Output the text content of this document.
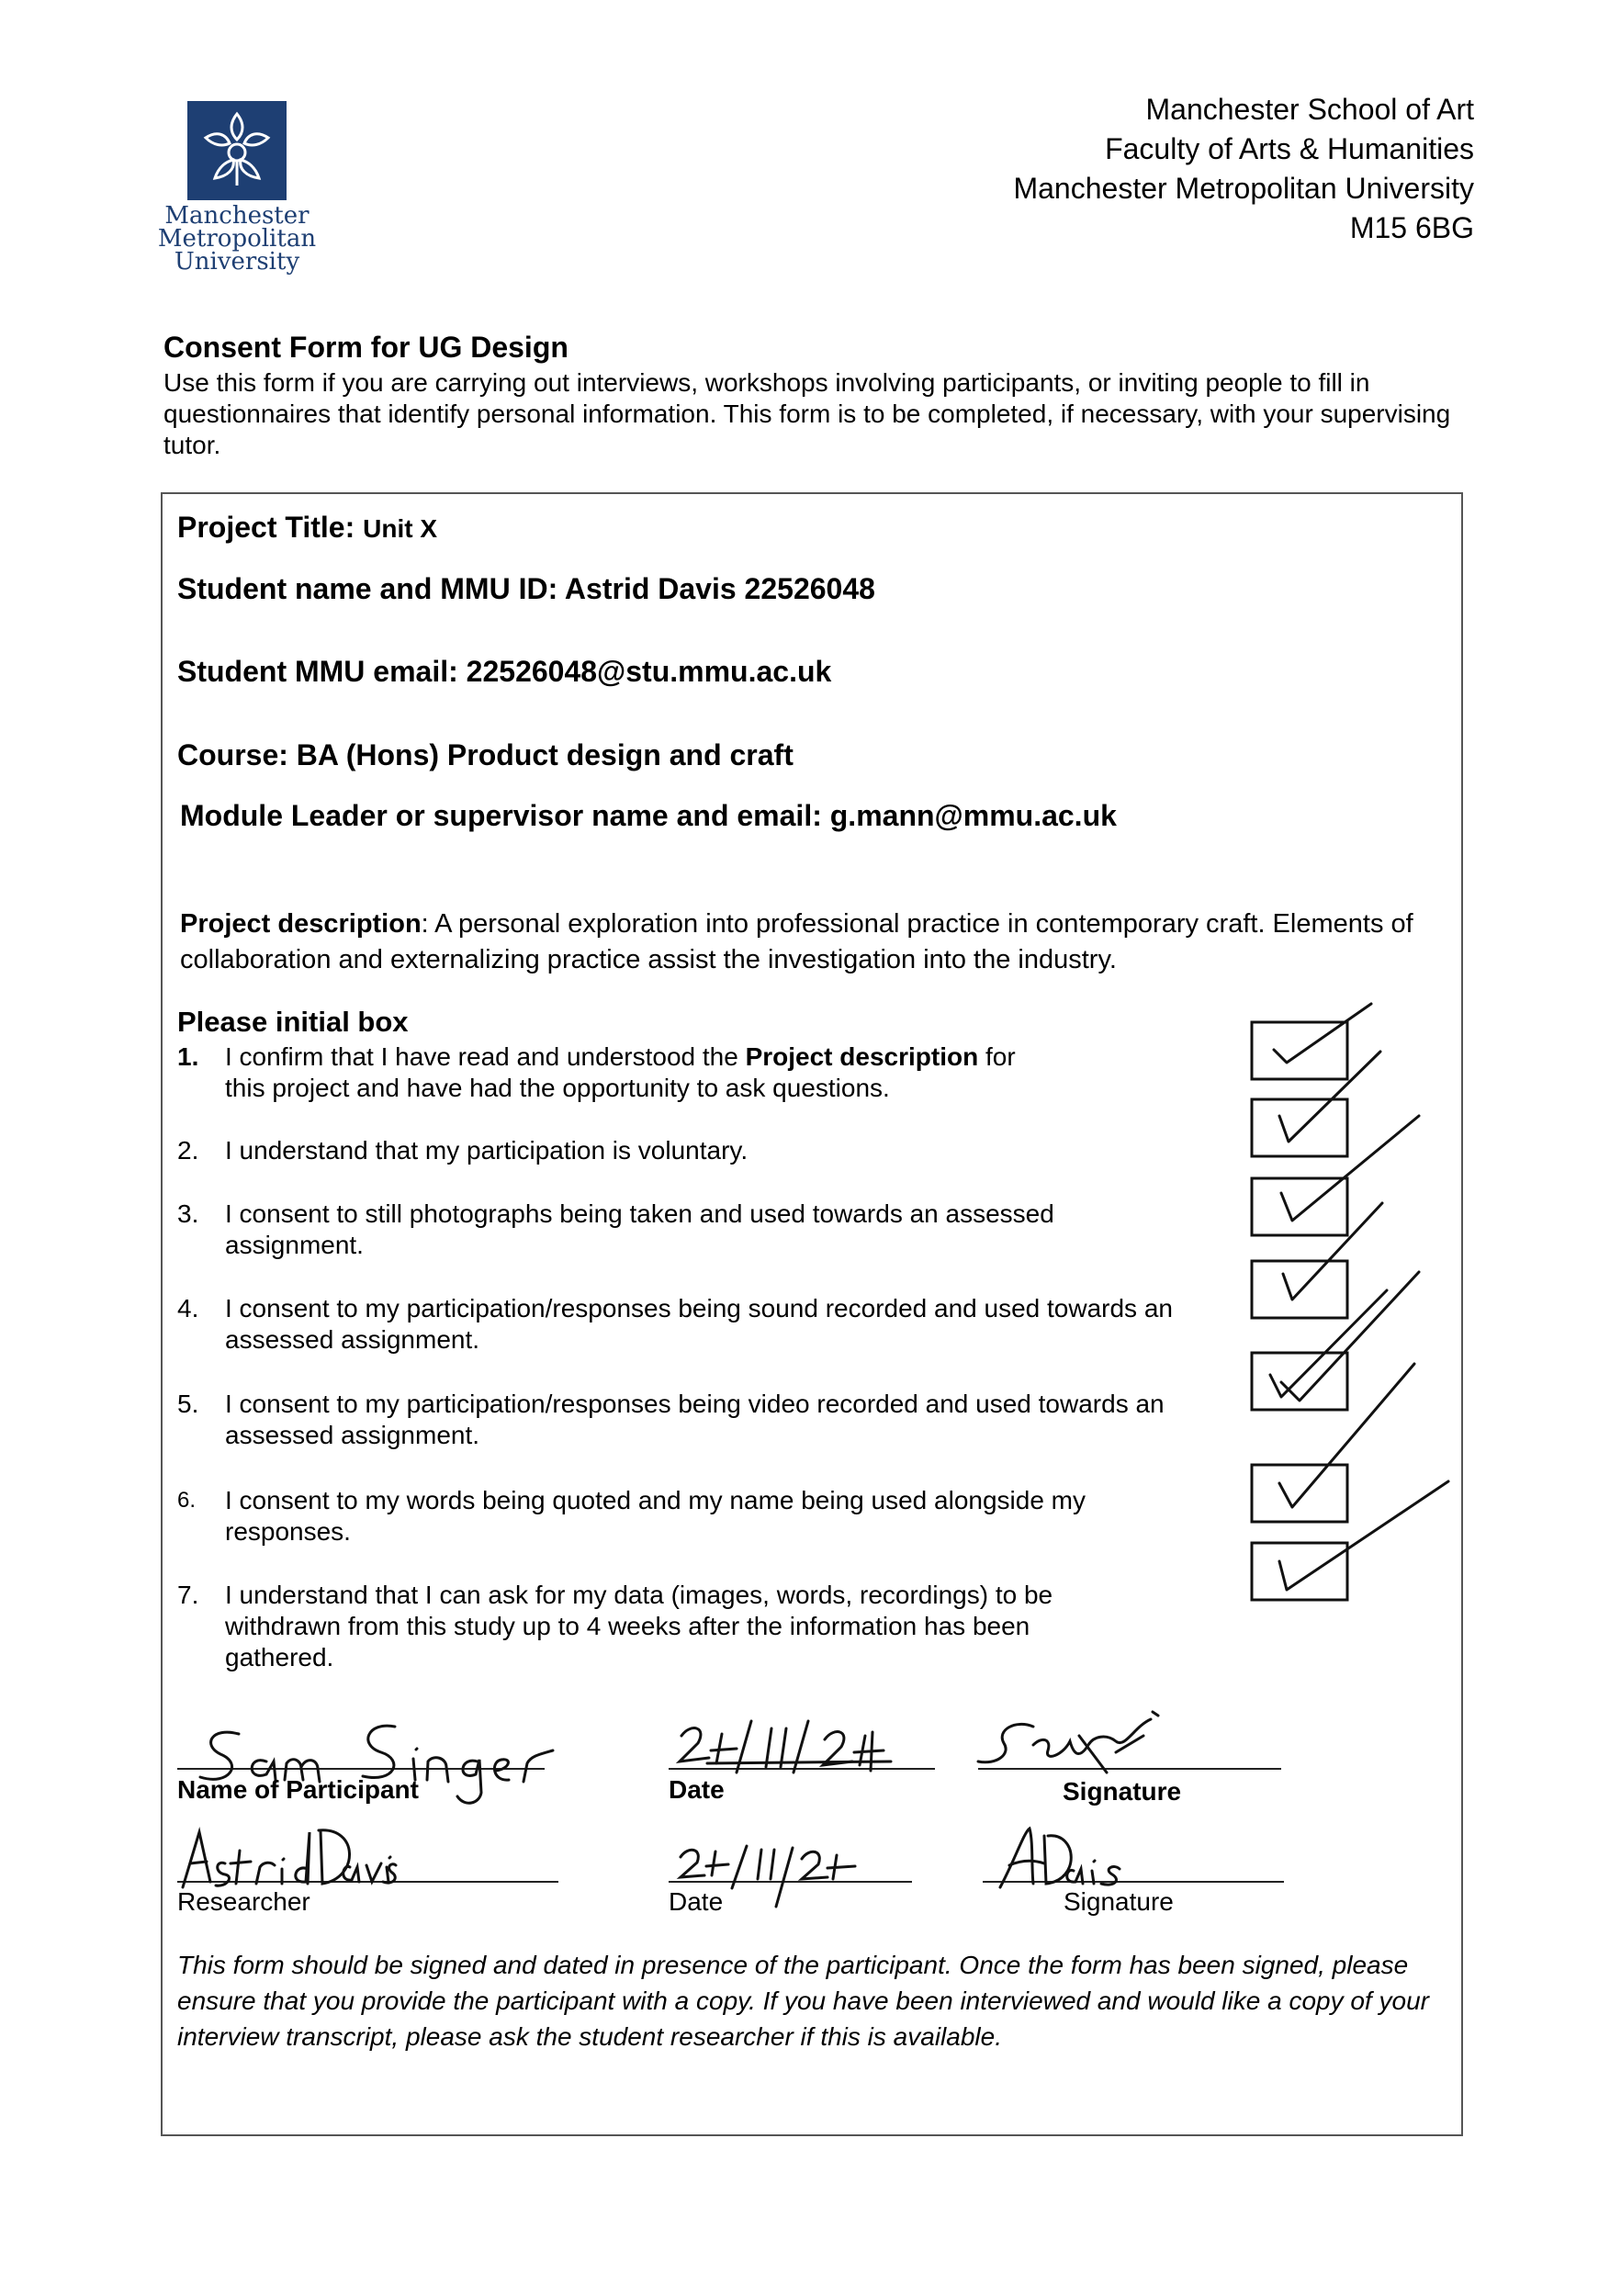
Manchester
Metropolitan
University
Manchester School of Art
Faculty of Arts & Humanities
Manchester Metropolitan University
M15 6BG
Consent Form for UG Design
Use this form if you are carrying out interviews, workshops involving participants, or inviting people to fill in questionnaires that identify personal information. This form is to be completed, if necessary, with your supervising tutor.
Project Title: Unit X
Student name and MMU ID: Astrid Davis 22526048
Student MMU email: 22526048@stu.mmu.ac.uk
Course: BA (Hons) Product design and craft
Module Leader or supervisor name and email: g.mann@mmu.ac.uk
Project description: A personal exploration into professional practice in contemporary craft. Elements of collaboration and externalizing practice assist the investigation into the industry.
Please initial box
1.	I confirm that I have read and understood the Project description for this project and have had the opportunity to ask questions.
2.	I understand that my participation is voluntary.
3.	I consent to still photographs being taken and used towards an assessed assignment.
4.	I consent to my participation/responses being sound recorded and used towards an assessed assignment.
5.	I consent to my participation/responses being video recorded and used towards an assessed assignment.
6.	I consent to my words being quoted and my name being used alongside my responses.
7.	I understand that I can ask for my data (images, words, recordings) to be withdrawn from this study up to 4 weeks after the information has been gathered.
Name of Participant	Date	Signature
Researcher	Date	Signature
This form should be signed and dated in presence of the participant. Once the form has been signed, please ensure that you provide the participant with a copy. If you have been interviewed and would like a copy of your interview transcript, please ask the student researcher if this is available.
